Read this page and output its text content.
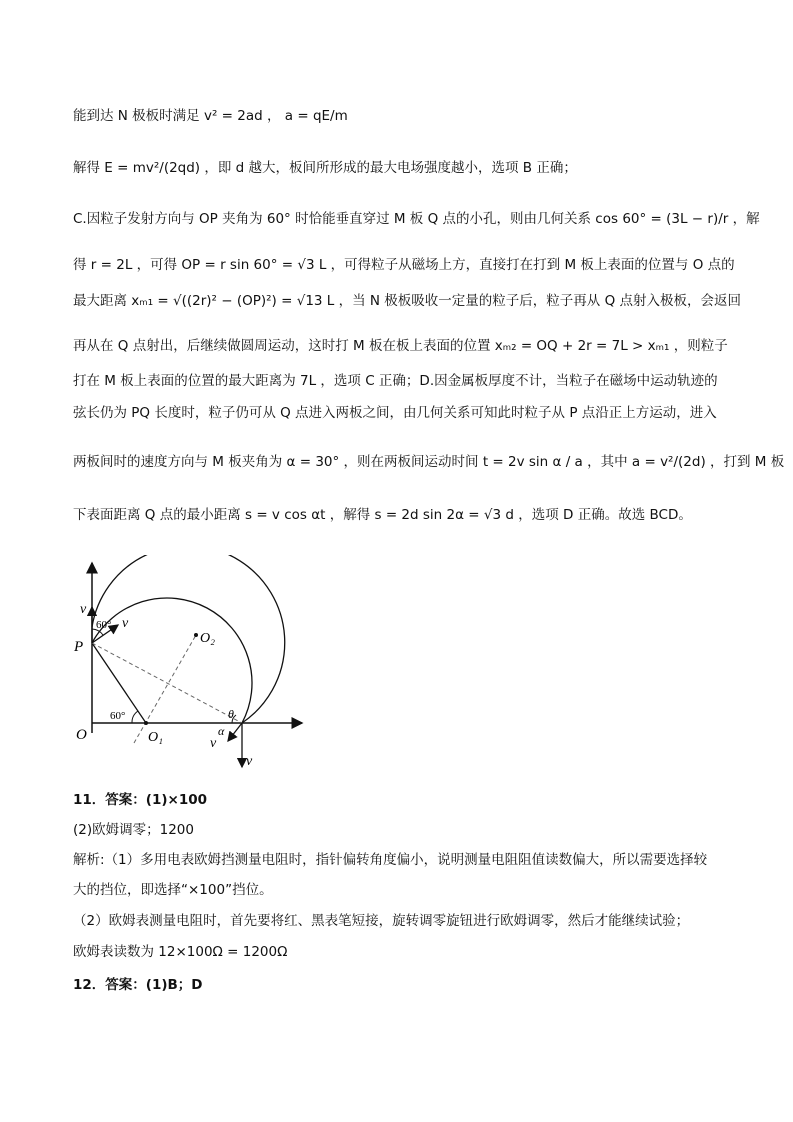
能到达 N 极板时满足 v² = 2ad ， a = qE/m
解得 E = mv²/(2qd) ，即 d 越大，板间所形成的最大电场强度越小，选项 B 正确；
C.因粒子发射方向与 OP 夹角为 60° 时恰能垂直穿过 M 板 Q 点的小孔，则由几何关系 cos 60° = (3L − r)/r ，解
得 r = 2L ，可得 OP = r sin 60° = √3 L ，可得粒子从磁场上方，直接打在打到 M 板上表面的位置与 O 点的
最大距离 xₘ₁ = √((2r)² − (OP)²) = √13 L ，当 N 极板吸收一定量的粒子后，粒子再从 Q 点射入极板，会返回
再从在 Q 点射出，后继续做圆周运动，这时打 M 板在板上表面的位置 xₘ₂ = OQ + 2r = 7L > xₘ₁ ，则粒子
打在 M 板上表面的位置的最大距离为 7L ，选项 C 正确；D.因金属板厚度不计，当粒子在磁场中运动轨迹的
弦长仍为 PQ 长度时，粒子仍可从 Q 点进入两板之间，由几何关系可知此时粒子从 P 点沿正上方运动，进入
两板间时的速度方向与 M 板夹角为 α = 30° ，则在两板间运动时间 t = 2v sin α / a ，其中 a = v²/(2d) ，打到 M 板
下表面距离 Q 点的最小距离 s = v cos αt ，解得 s = 2d sin 2α = √3 d ，选项 D 正确。故选 BCD。
v
60° v
P
O₂
60°
O	O₁
θ
α
v
v
11．答案：(1)×100
(2)欧姆调零；1200
解析:（1）多用电表欧姆挡测量电阻时，指针偏转角度偏小，说明测量电阻阻值读数偏大，所以需要选择较
大的挡位，即选择“×100”挡位。
（2）欧姆表测量电阻时，首先要将红、黑表笔短接，旋转调零旋钮进行欧姆调零，然后才能继续试验；
欧姆表读数为 12×100Ω = 1200Ω
12．答案：(1)B；D
